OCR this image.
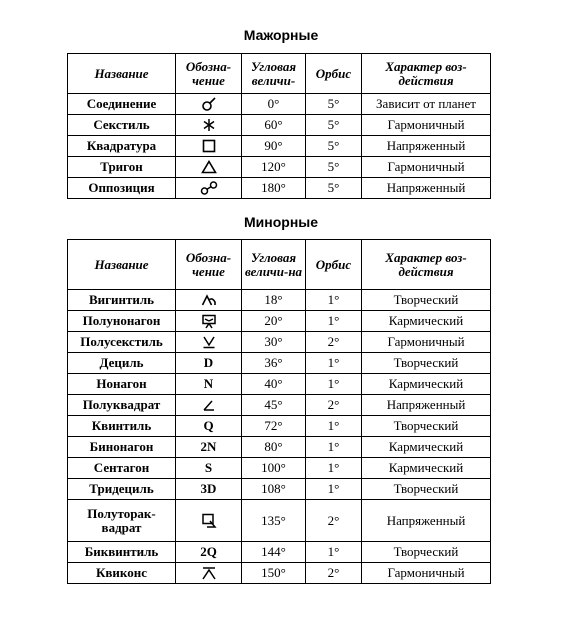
Мажорные
Название	Обозна-чение	Угловая величи-	Орбис	Характер воз-действия
Соединение		0°	5°	Зависит от планет
Секстиль		60°	5°	Гармоничный
Квадратура		90°	5°	Напряженный
Тригон		120°	5°	Гармоничный
Оппозиция		180°	5°	Напряженный
Минорные
Название	Обозна-чение	Угловая величи-на	Орбис	Характер воз-действия
Вигинтиль		18°	1°	Творческий
Полунонагон		20°	1°	Кармический
Полусекстиль		30°	2°	Гармоничный
Дециль	D	36°	1°	Творческий
Нонагон	N	40°	1°	Кармический
Полуквадрат		45°	2°	Напряженный
Квинтиль	Q	72°	1°	Творческий
Бинонагон	2N	80°	1°	Кармический
Сентагон	S	100°	1°	Кармический
Тридециль	3D	108°	1°	Творческий
Полуторак-вадрат		135°	2°	Напряженный
Биквинтиль	2Q	144°	1°	Творческий
Квиконс		150°	2°	Гармоничный
